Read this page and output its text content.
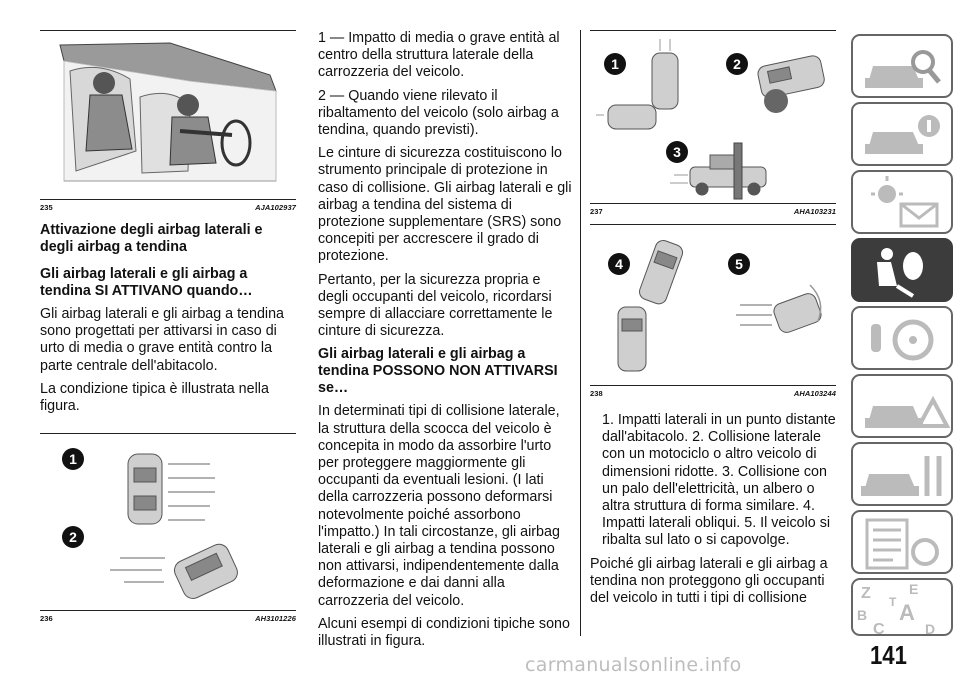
235	AJA102937
Attivazione degli airbag laterali e degli airbag a tendina
Gli airbag laterali e gli airbag a tendina SI ATTIVANO quando…

Gli airbag laterali e gli airbag a tendina sono progettati per attivarsi in caso di urto di media o grave entità contro la parte centrale dell'abitacolo.

La condizione tipica è illustrata nella figura.

1
2
236	AH3101226

1 — Impatto di media o grave entità al centro della struttura laterale della carrozzeria del veicolo.

2 — Quando viene rilevato il ribaltamento del veicolo (solo airbag a tendina, quando previsti).

Le cinture di sicurezza costituiscono lo strumento principale di protezione in caso di collisione. Gli airbag laterali e gli airbag a tendina del sistema di protezione supplementare (SRS) sono concepiti per accrescere il grado di protezione.

Pertanto, per la sicurezza propria e degli occupanti del veicolo, ricordarsi sempre di allacciare correttamente le cinture di sicurezza.

Gli airbag laterali e gli airbag a tendina POSSONO NON ATTIVARSI se…

In determinati tipi di collisione laterale, la struttura della scocca del veicolo è concepita in modo da assorbire l'urto per proteggere maggiormente gli occupanti da eventuali lesioni. (I lati della carrozzeria possono deformarsi notevolmente poiché assorbono l'impatto.) In tali circostanze, gli airbag laterali e gli airbag a tendina possono non attivarsi, indipendentemente dalla deformazione e dai danni alla carrozzeria del veicolo.

Alcuni esempi di condizioni tipiche sono illustrati in figura.

1	2
3
237	AHA103231
4	5
238	AHA103244

1. Impatti laterali in un punto distante dall'abitacolo. 2. Collisione laterale con un motociclo o altro veicolo di dimensioni ridotte. 3. Collisione con un palo dell'elettricità, un albero o altra struttura di forma similare. 4. Impatti laterali obliqui. 5. Il veicolo si ribalta sul lato o si capovolge.

Poiché gli airbag laterali e gli airbag a tendina non proteggono gli occupanti del veicolo in tutti i tipi di collisione	Z	E
B A
C
T
D
141
carmanualsonline.info
